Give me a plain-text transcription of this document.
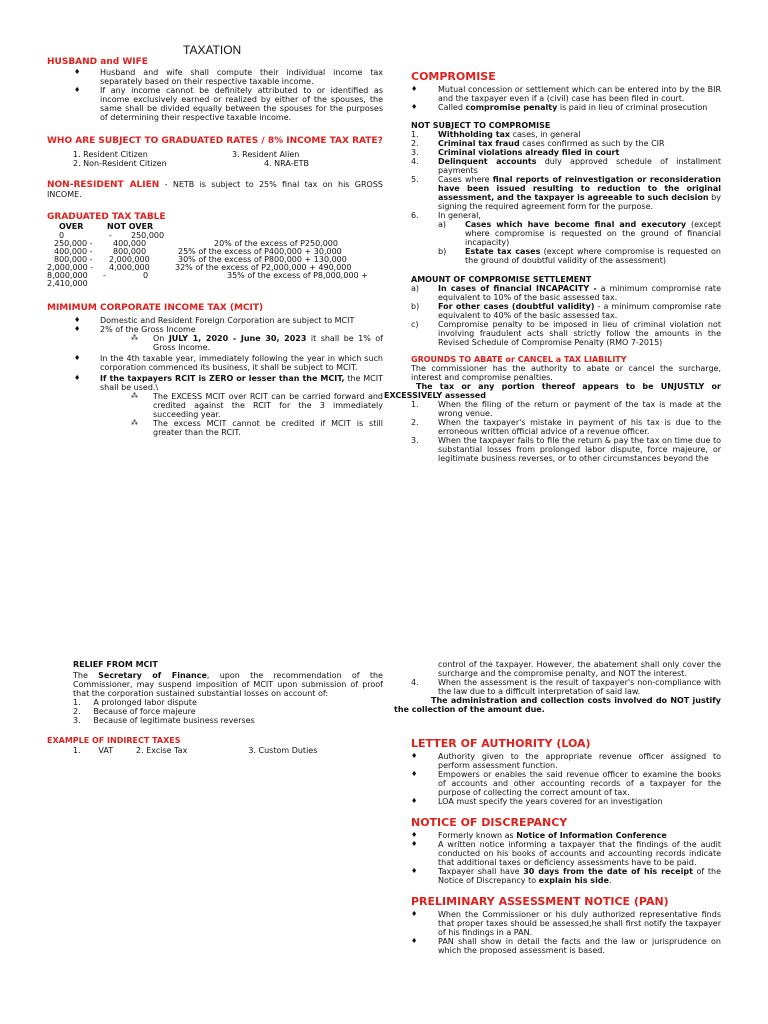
TAXATION
HUSBAND and WIFE
♦ Husband and wife shall compute their individual income tax separately based on their respective taxable income.
♦ If any income cannot be definitely attributed to or identified as income exclusively earned or realized by either of the spouses, the same shall be divided equally between the spouses for the purposes of determining their respective taxable income.
WHO ARE SUBJECT TO GRADUATED RATES / 8% INCOME TAX RATE?
1. Resident Citizen	3. Resident Alien
2. Non-Resident Citizen	4. NRA-ETB
NON-RESIDENT ALIEN - NETB is subject to 25% final tax on his GROSS INCOME.
GRADUATED TAX TABLE
OVER	NOT OVER
0	- 250,000
250,000 -	400,000	20% of the excess of P250,000
400,000 -	800,000	25% of the excess of P400,000 + 30,000
800,000 - 2,000,000	30% of the excess of P800,000 + 130,000
2,000,000 - 4,000,000	32% of the excess of P2,000,000 + 490,000
8,000,000 -	0	35% of the excess of P8,000,000 +
2,410,000
MIMIMUM CORPORATE INCOME TAX (MCIT)
♦ Domestic and Resident Foreign Corporation are subject to MCIT
♦ 2% of the Gross Income
⁂ On JULY 1, 2020 - June 30, 2023 it shall be 1% of Gross Income.
♦ In the 4th taxable year, immediately following the year in which such corporation commenced its business, it shall be subject to MCIT.
♦ If the taxpayers RCIT is ZERO or lesser than the MCIT, the MCIT shall be used.\
⁂ The EXCESS MCIT over RCIT can be carried forward and credited against the RCIT for the 3 immediately succeeding year.
⁂ The excess MCIT cannot be credited if MCIT is still greater than the RCIT.
RELIEF FROM MCIT
The Secretary of Finance, upon the recommendation of the Commissioner, may suspend imposition of MCIT upon submission of proof that the corporation sustained substantial losses on account of:
1.     A prolonged labor dispute
2.     Because of force majeure
3.     Because of legitimate business reverses
EXAMPLE OF INDIRECT TAXES
1.       VAT         2. Excise Tax                        3. Custom Duties
COMPROMISE
♦	Mutual concession or settlement which can be entered into by the BIR and the taxpayer even if a (civil) case has been filed in court.
♦	Called compromise penalty is paid in lieu of criminal prosecution
NOT SUBJECT TO COMPROMISE
1. Withholding tax cases, in general
2. Criminal tax fraud cases confirmed as such by the CIR
3. Criminal violations already filed in court
4. Delinquent accounts duly approved schedule of installment payments
5. Cases where final reports of reinvestigation or reconsideration have been issued resulting to reduction to the original assessment, and the taxpayer is agreeable to such decision by signing the required agreement form for the purpose.
6. In general,
a) Cases which have become final and executory (except where compromise is requested on the ground of financial incapacity)
b) Estate tax cases (except where compromise is requested on the ground of doubtful validity of the assessment)
AMOUNT OF COMPROMISE SETTLEMENT
a) In cases of financial INCAPACITY - a minimum compromise rate equivalent to 10% of the basic assessed tax.
b) For other cases (doubtful validity) - a minimum compromise rate equivalent to 40% of the basic assessed tax.
c) Compromise penalty to be imposed in lieu of criminal violation not involving fraudulent acts shall strictly follow the amounts in the Revised Schedule of Compromise Penalty (RMO 7-2015)
GROUNDS TO ABATE or CANCEL a TAX LIABILITY
The commissioner has the authority to abate or cancel the surcharge, interest and compromise penalties.
The tax or any portion thereof appears to be UNJUSTLY or EXCESSIVELY assessed
1. When the filing of the return or payment of the tax is made at the wrong venue.
2. When the taxpayer's mistake in payment of his tax is due to the erroneous written official advice of a revenue officer.
3. When the taxpayer fails to file the return & pay the tax on time due to substantial losses from prolonged labor dispute, force majeure, or legitimate business reverses, or to other circumstances beyond the
control of the taxpayer. However, the abatement shall only cover the surcharge and the compromise penalty, and NOT the interest.
4. When the assessment is the result of taxpayer's non-compliance with the law due to a difficult interpretation of said law.
The administration and collection costs involved do NOT justify the collection of the amount due.
LETTER OF AUTHORITY (LOA)
♦	Authority given to the appropriate revenue officer assigned to perform assessment function.
♦	Empowers or enables the said revenue officer to examine the books of accounts and other accounting records of a taxpayer for the purpose of collecting the correct amount of tax.
♦	LOA must specify the years covered for an investigation
NOTICE OF DISCREPANCY
♦	Formerly known as Notice of Information Conference
♦	A written notice informing a taxpayer that the findings of the audit conducted on his books of accounts and accounting records indicate that additional taxes or deficiency assessments have to be paid.
♦	Taxpayer shall have 30 days from the date of his receipt of the Notice of Discrepancy to explain his side.
PRELIMINARY ASSESSMENT NOTICE (PAN)
♦	When the Commissioner or his duly authorized representative finds that proper taxes should be assessed,he shall first notify the taxpayer of his findings in a PAN.
♦	PAN shall show in detail the facts and the law or jurisprudence on which the proposed assessment is based.
